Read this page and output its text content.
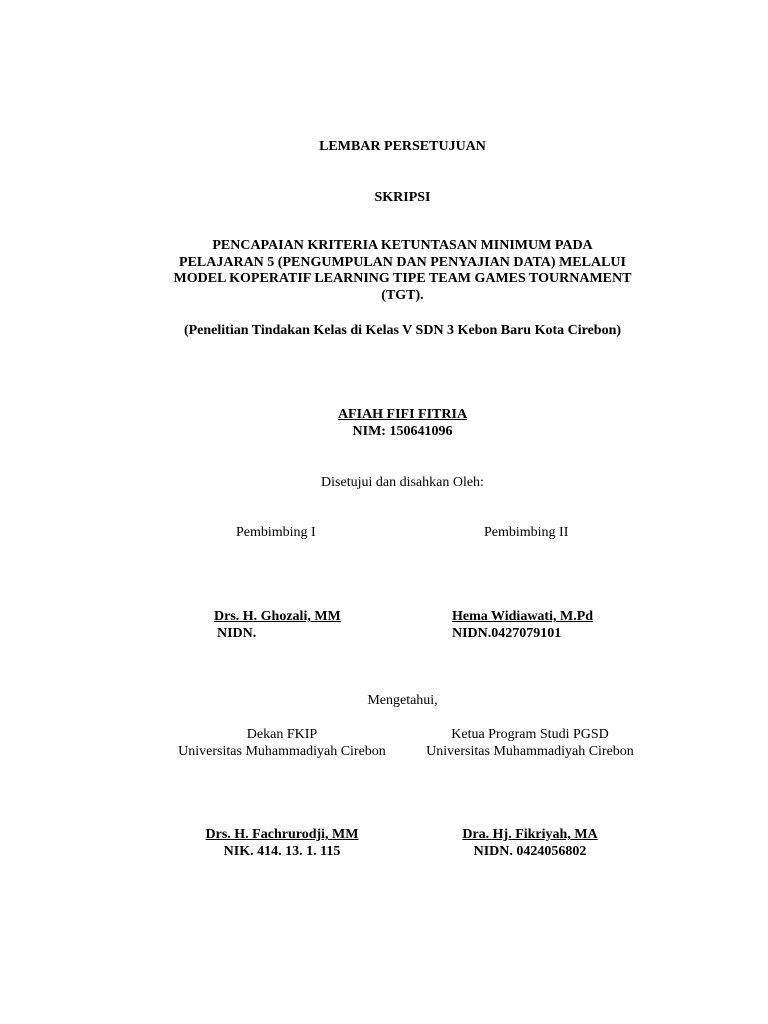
LEMBAR PERSETUJUAN
SKRIPSI
PENCAPAIAN KRITERIA KETUNTASAN MINIMUM PADA
PELAJARAN 5 (PENGUMPULAN DAN PENYAJIAN DATA) MELALUI
MODEL KOPERATIF LEARNING TIPE TEAM GAMES TOURNAMENT
(TGT).
(Penelitian Tindakan Kelas di Kelas V SDN 3 Kebon Baru Kota Cirebon)
AFIAH FIFI FITRIA
NIM: 150641096
Disetujui dan disahkan Oleh:
Pembimbing I	Pembimbing II
Drs. H. Ghozali, MM
NIDN.
Hema Widiawati, M.Pd
NIDN.0427079101
Mengetahui,
Dekan FKIP
Universitas Muhammadiyah Cirebon
Ketua Program Studi PGSD
Universitas Muhammadiyah Cirebon
Drs. H. Fachrurodji, MM
NIK. 414. 13. 1. 115
Dra. Hj. Fikriyah, MA
NIDN. 0424056802
